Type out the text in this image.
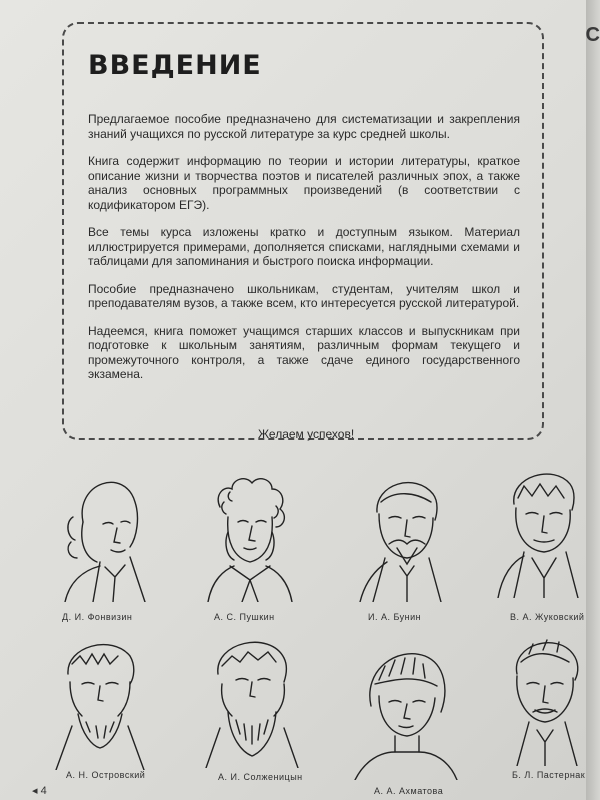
С
ВВЕДЕНИЕ

Предлагаемое пособие предназначено для систематизации и закрепления знаний учащихся по русской литературе за курс средней школы.

Книга содержит информацию по теории и истории литературы, краткое описание жизни и творчества поэтов и писателей различных эпох, а также анализ основных программных произведений (в соответствии с кодификатором ЕГЭ).

Все темы курса изложены кратко и доступным языком. Материал иллюстрируется примерами, дополняется списками, наглядными схемами и таблицами для запоминания и быстрого поиска информации.

Пособие предназначено школьникам, студентам, учителям школ и преподавателям вузов, а также всем, кто интересуется русской литературой.

Надеемся, книга поможет учащимся старших классов и выпускникам при подготовке к школьным занятиям, различным формам текущего и промежуточного контроля, а также сдаче единого государственного экзамена.

Желаем успехов!
Д. И. Фонвизин	А. С. Пушкин	И. А. Бунин	В. А. Жуковский
А. Н. Островский	А. И. Солженицын
А. А. Ахматова
Б. Л. Пастернак
◂ 4
